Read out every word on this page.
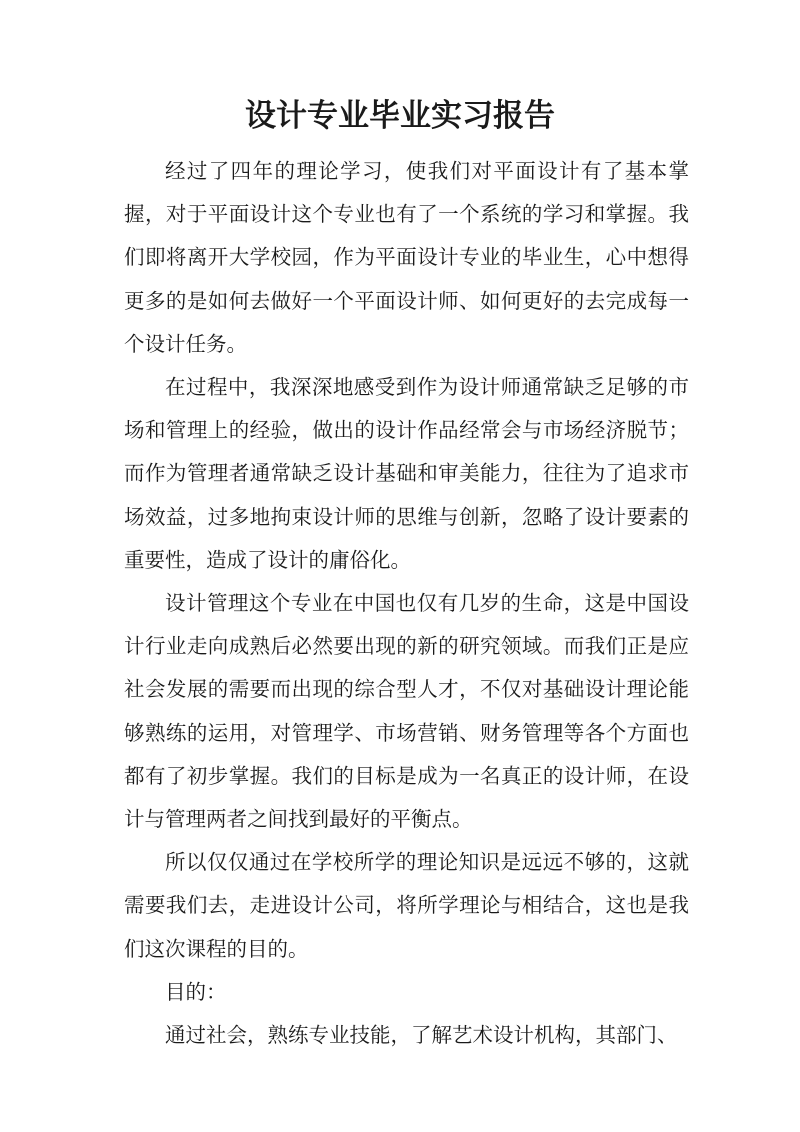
设计专业毕业实习报告

经过了四年的理论学习，使我们对平面设计有了基本掌握，对于平面设计这个专业也有了一个系统的学习和掌握。我们即将离开大学校园，作为平面设计专业的毕业生，心中想得更多的是如何去做好一个平面设计师、如何更好的去完成每一个设计任务。

在过程中，我深深地感受到作为设计师通常缺乏足够的市场和管理上的经验，做出的设计作品经常会与市场经济脱节；而作为管理者通常缺乏设计基础和审美能力，往往为了追求市场效益，过多地拘束设计师的思维与创新，忽略了设计要素的重要性，造成了设计的庸俗化。

设计管理这个专业在中国也仅有几岁的生命，这是中国设计行业走向成熟后必然要出现的新的研究领域。而我们正是应社会发展的需要而出现的综合型人才，不仅对基础设计理论能够熟练的运用，对管理学、市场营销、财务管理等各个方面也都有了初步掌握。我们的目标是成为一名真正的设计师，在设计与管理两者之间找到最好的平衡点。

所以仅仅通过在学校所学的理论知识是远远不够的，这就需要我们去，走进设计公司，将所学理论与相结合，这也是我们这次课程的目的。

目的：

通过社会，熟练专业技能，了解艺术设计机构，其部门、
